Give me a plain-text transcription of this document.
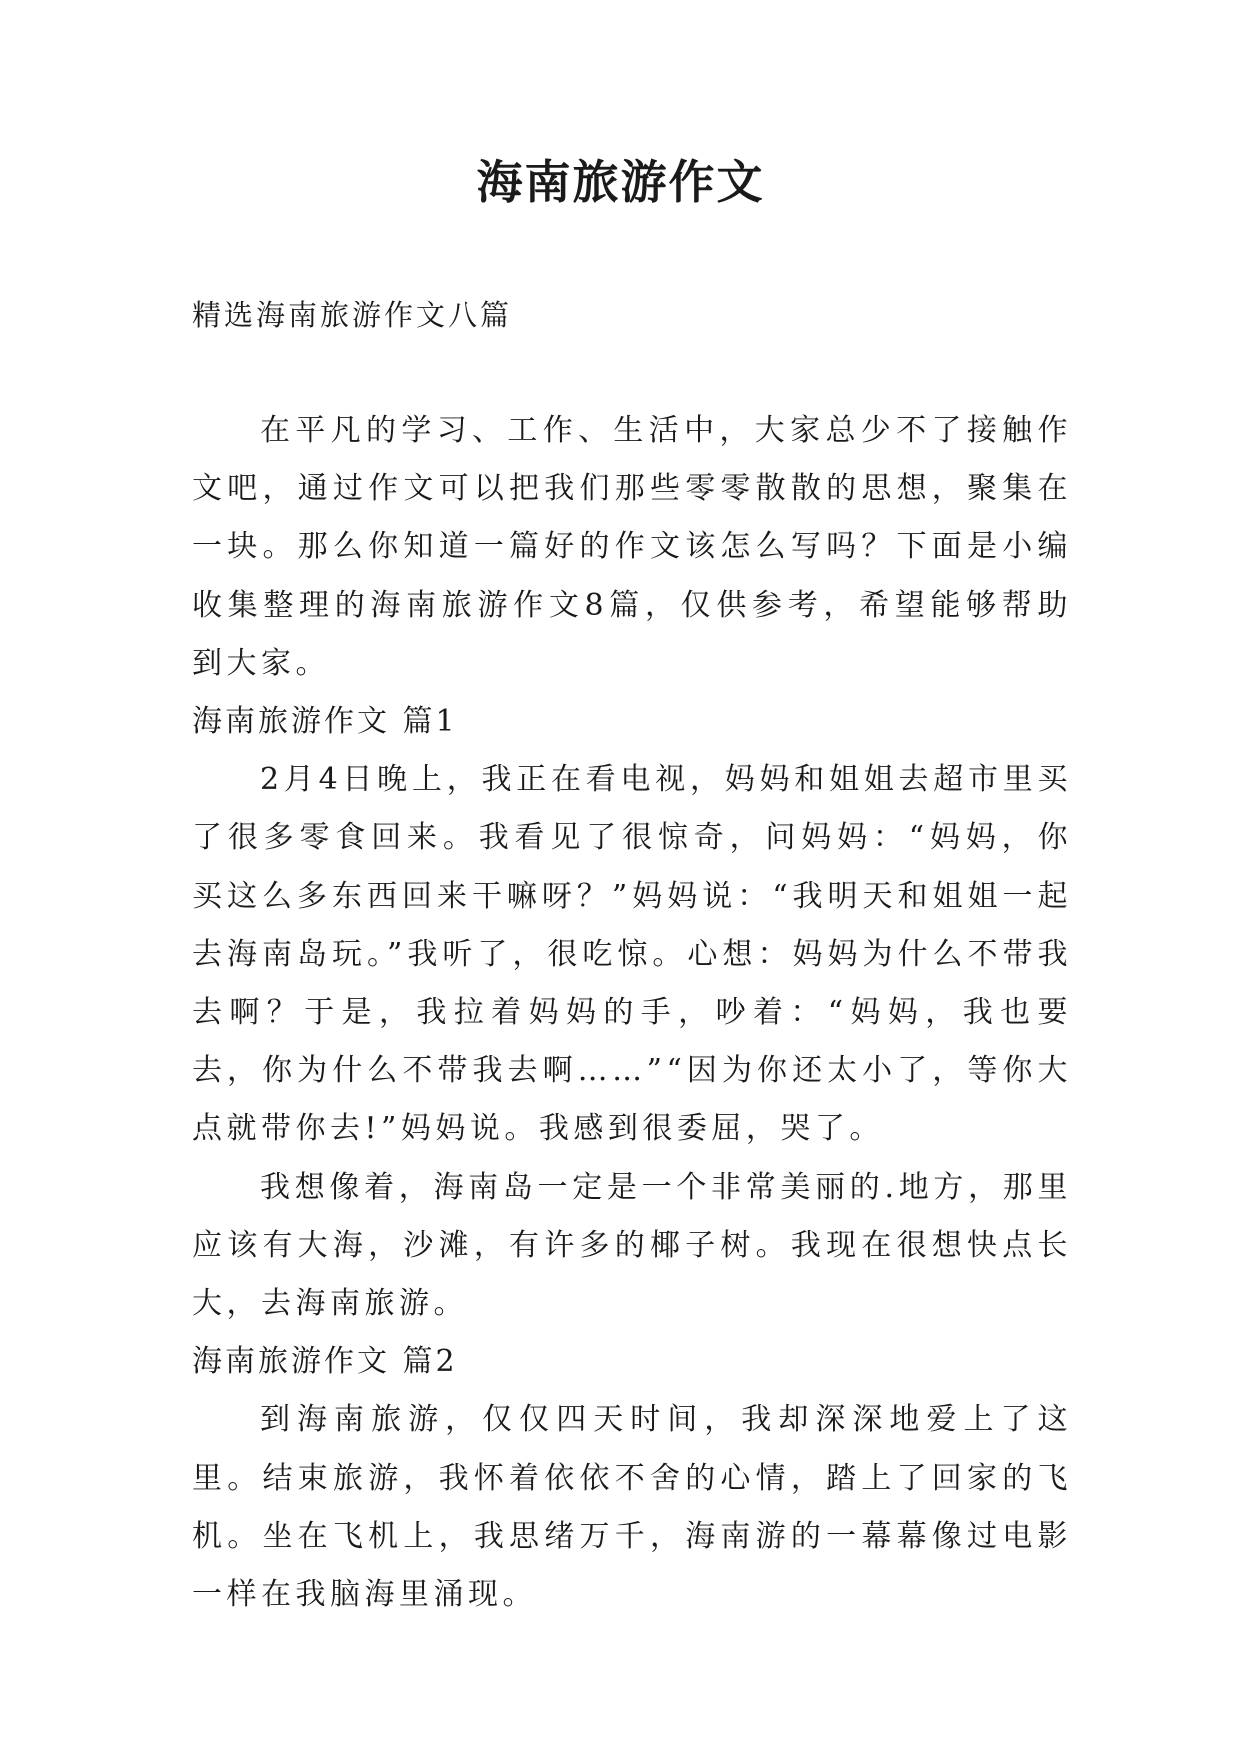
海南旅游作文

精选海南旅游作文八篇

在平凡的学习、工作、生活中，大家总少不了接触作文吧，通过作文可以把我们那些零零散散的思想，聚集在一块。那么你知道一篇好的作文该怎么写吗？下面是小编收集整理的海南旅游作文8篇，仅供参考，希望能够帮助到大家。

海南旅游作文 篇1

2月4日晚上，我正在看电视，妈妈和姐姐去超市里买了很多零食回来。我看见了很惊奇，问妈妈：“妈妈，你买这么多东西回来干嘛呀？”妈妈说：“我明天和姐姐一起去海南岛玩。”我听了，很吃惊。心想：妈妈为什么不带我去啊？于是，我拉着妈妈的手，吵着：“妈妈，我也要去，你为什么不带我去啊……”“因为你还太小了，等你大点就带你去!”妈妈说。我感到很委屈，哭了。

我想像着，海南岛一定是一个非常美丽的.地方，那里应该有大海，沙滩，有许多的椰子树。我现在很想快点长大，去海南旅游。

海南旅游作文 篇2

到海南旅游，仅仅四天时间，我却深深地爱上了这里。结束旅游，我怀着依依不舍的心情，踏上了回家的飞机。坐在飞机上，我思绪万千，海南游的一幕幕像过电影一样在我脑海里涌现。
